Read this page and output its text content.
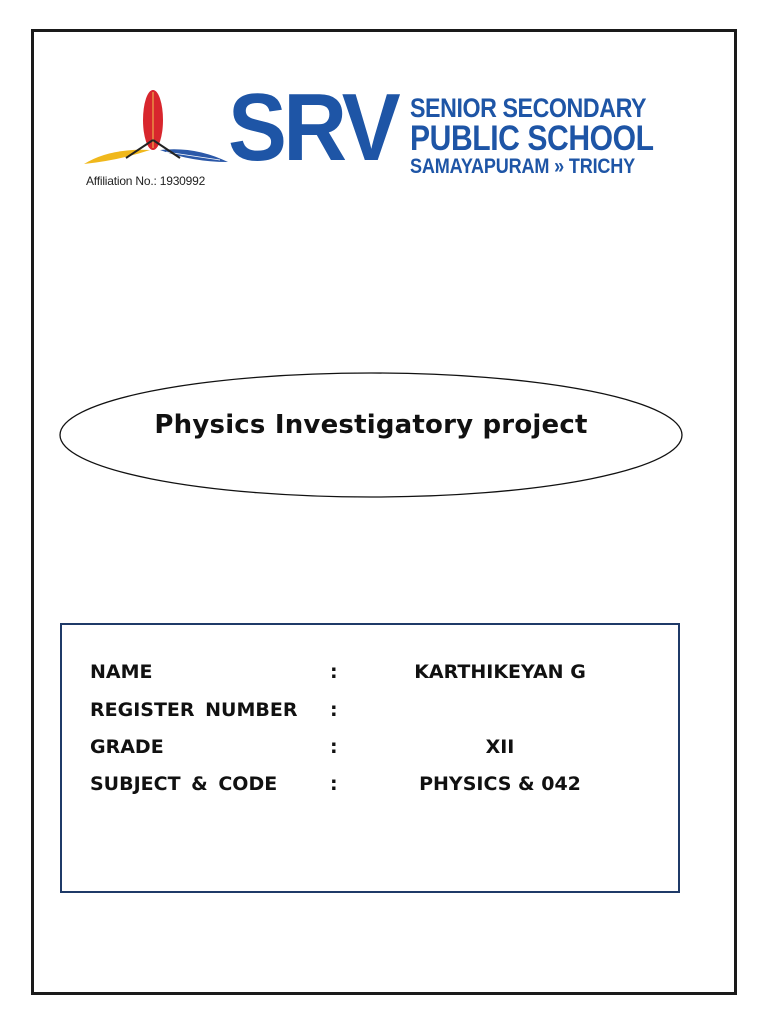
Affiliation No.: 1930992 SRV SENIOR SECONDARY
PUBLIC SCHOOL
SAMAYAPURAM » TRICHY
Physics Investigatory project
NAME	:	KARTHIKEYAN G
REGISTER NUMBER :
GRADE	:	XII
SUBJECT & CODE	:	PHYSICS & 042
